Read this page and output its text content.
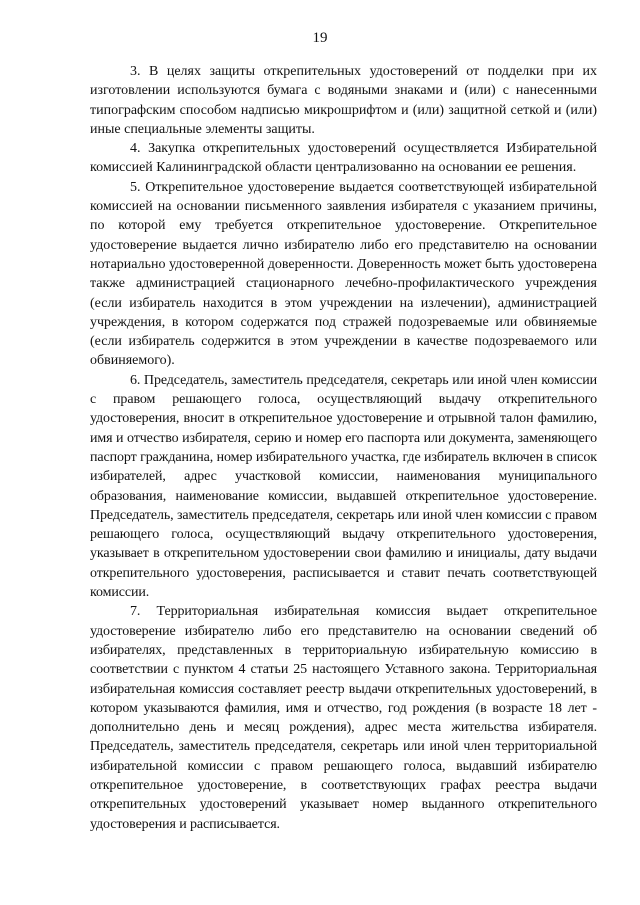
19

3. В целях защиты открепительных удостоверений от подделки при их изготовлении используются бумага с водяными знаками и (или) с нанесенными типографским способом надписью микрошрифтом и (или) защитной сеткой и (или) иные специальные элементы защиты.

4. Закупка открепительных удостоверений осуществляется Избирательной комиссией Калининградской области централизованно на основании ее решения.

5. Открепительное удостоверение выдается соответствующей избирательной комиссией на основании письменного заявления избирателя с указанием причины, по которой ему требуется открепительное удостоверение. Открепительное удостоверение выдается лично избирателю либо его представителю на основании нотариально удостоверенной доверенности. Доверенность может быть удостоверена также администрацией стационарного лечебно-профилактического учреждения (если избиратель находится в этом учреждении на излечении), администрацией учреждения, в котором содержатся под стражей подозреваемые или обвиняемые (если избиратель содержится в этом учреждении в качестве подозреваемого или обвиняемого).

6. Председатель, заместитель председателя, секретарь или иной член комиссии с правом решающего голоса, осуществляющий выдачу открепительного удостоверения, вносит в открепительное удостоверение и отрывной талон фамилию, имя и отчество избирателя, серию и номер его паспорта или документа, заменяющего паспорт гражданина, номер избирательного участка, где избиратель включен в список избирателей, адрес участковой комиссии, наименования муниципального образования, наименование комиссии, выдавшей открепительное удостоверение. Председатель, заместитель председателя, секретарь или иной член комиссии с правом решающего голоса, осуществляющий выдачу открепительного удостоверения, указывает в открепительном удостоверении свои фамилию и инициалы, дату выдачи открепительного удостоверения, расписывается и ставит печать соответствующей комиссии.

7. Территориальная избирательная комиссия выдает открепительное удостоверение избирателю либо его представителю на основании сведений об избирателях, представленных в территориальную избирательную комиссию в соответствии с пунктом 4 статьи 25 настоящего Уставного закона. Территориальная избирательная комиссия составляет реестр выдачи открепительных удостоверений, в котором указываются фамилия, имя и отчество, год рождения (в возрасте 18 лет - дополнительно день и месяц рождения), адрес места жительства избирателя. Председатель, заместитель председателя, секретарь или иной член территориальной избирательной комиссии с правом решающего голоса, выдавший избирателю открепительное удостоверение, в соответствующих графах реестра выдачи открепительных удостоверений указывает номер выданного открепительного удостоверения и расписывается.
